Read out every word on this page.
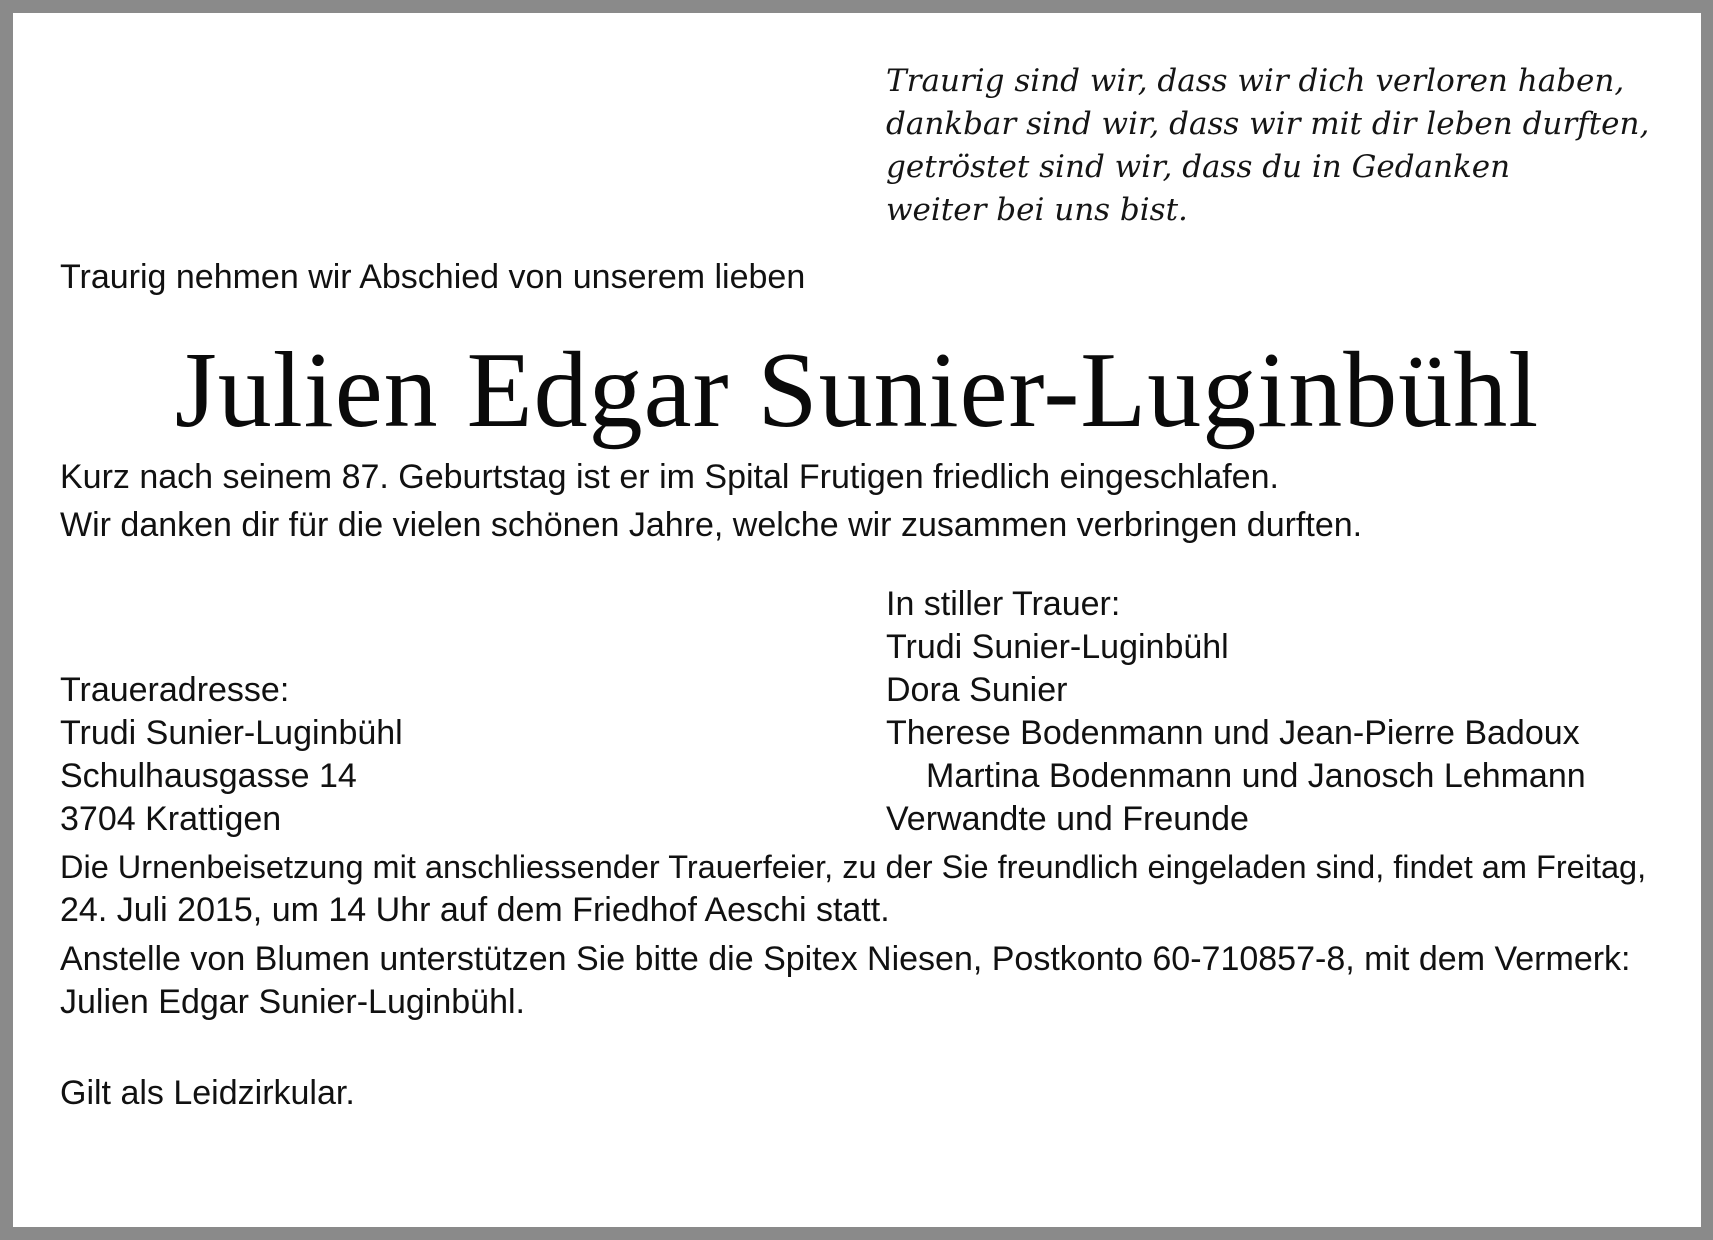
Traurig sind wir, dass wir dich verloren haben,
dankbar sind wir, dass wir mit dir leben durften,
getröstet sind wir, dass du in Gedanken
weiter bei uns bist.
Traurig nehmen wir Abschied von unserem lieben
Julien Edgar Sunier-Luginbühl
Kurz nach seinem 87. Geburtstag ist er im Spital Frutigen friedlich eingeschlafen.
Wir danken dir für die vielen schönen Jahre, welche wir zusammen verbringen durften.
In stiller Trauer:
Trudi Sunier-Luginbühl
Dora Sunier
Therese Bodenmann und Jean-Pierre Badoux
Martina Bodenmann und Janosch Lehmann
Verwandte und Freunde
Traueradresse:
Trudi Sunier-Luginbühl
Schulhausgasse 14
3704 Krattigen
Die Urnenbeisetzung mit anschliessender Trauerfeier, zu der Sie freundlich eingeladen sind, findet am Freitag,
24. Juli 2015, um 14 Uhr auf dem Friedhof Aeschi statt.
Anstelle von Blumen unterstützen Sie bitte die Spitex Niesen, Postkonto 60-710857-8, mit dem Vermerk:
Julien Edgar Sunier-Luginbühl.
Gilt als Leidzirkular.
